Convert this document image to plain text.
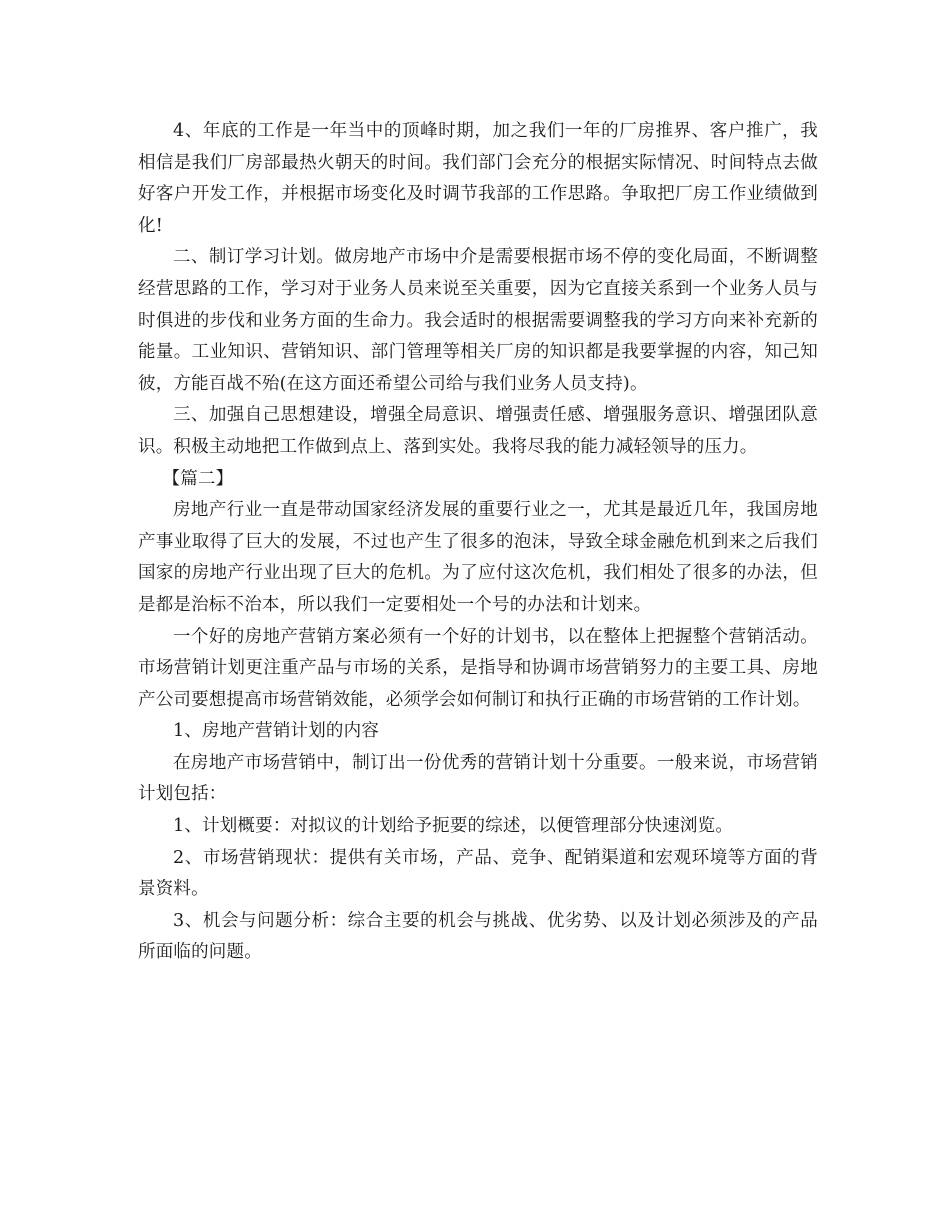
4、年底的工作是一年当中的顶峰时期，加之我们一年的厂房推界、客户推广，我相信是我们厂房部最热火朝天的时间。我们部门会充分的根据实际情况、时间特点去做好客户开发工作，并根据市场变化及时调节我部的工作思路。争取把厂房工作业绩做到化!

二、制订学习计划。做房地产市场中介是需要根据市场不停的变化局面，不断调整经营思路的工作，学习对于业务人员来说至关重要，因为它直接关系到一个业务人员与时俱进的步伐和业务方面的生命力。我会适时的根据需要调整我的学习方向来补充新的能量。工业知识、营销知识、部门管理等相关厂房的知识都是我要掌握的内容，知己知彼，方能百战不殆(在这方面还希望公司给与我们业务人员支持)。

三、加强自己思想建设，增强全局意识、增强责任感、增强服务意识、增强团队意识。积极主动地把工作做到点上、落到实处。我将尽我的能力减轻领导的压力。

【篇二】

房地产行业一直是带动国家经济发展的重要行业之一，尤其是最近几年，我国房地产事业取得了巨大的发展，不过也产生了很多的泡沫，导致全球金融危机到来之后我们国家的房地产行业出现了巨大的危机。为了应付这次危机，我们相处了很多的办法，但是都是治标不治本，所以我们一定要相处一个号的办法和计划来。

一个好的房地产营销方案必须有一个好的计划书，以在整体上把握整个营销活动。市场营销计划更注重产品与市场的关系，是指导和协调市场营销努力的主要工具、房地产公司要想提高市场营销效能，必须学会如何制订和执行正确的市场营销的工作计划。

1、房地产营销计划的内容

在房地产市场营销中，制订出一份优秀的营销计划十分重要。一般来说，市场营销计划包括：

1、计划概要：对拟议的计划给予扼要的综述，以便管理部分快速浏览。

2、市场营销现状：提供有关市场，产品、竞争、配销渠道和宏观环境等方面的背景资料。

3、机会与问题分析：综合主要的机会与挑战、优劣势、以及计划必须涉及的产品所面临的问题。
